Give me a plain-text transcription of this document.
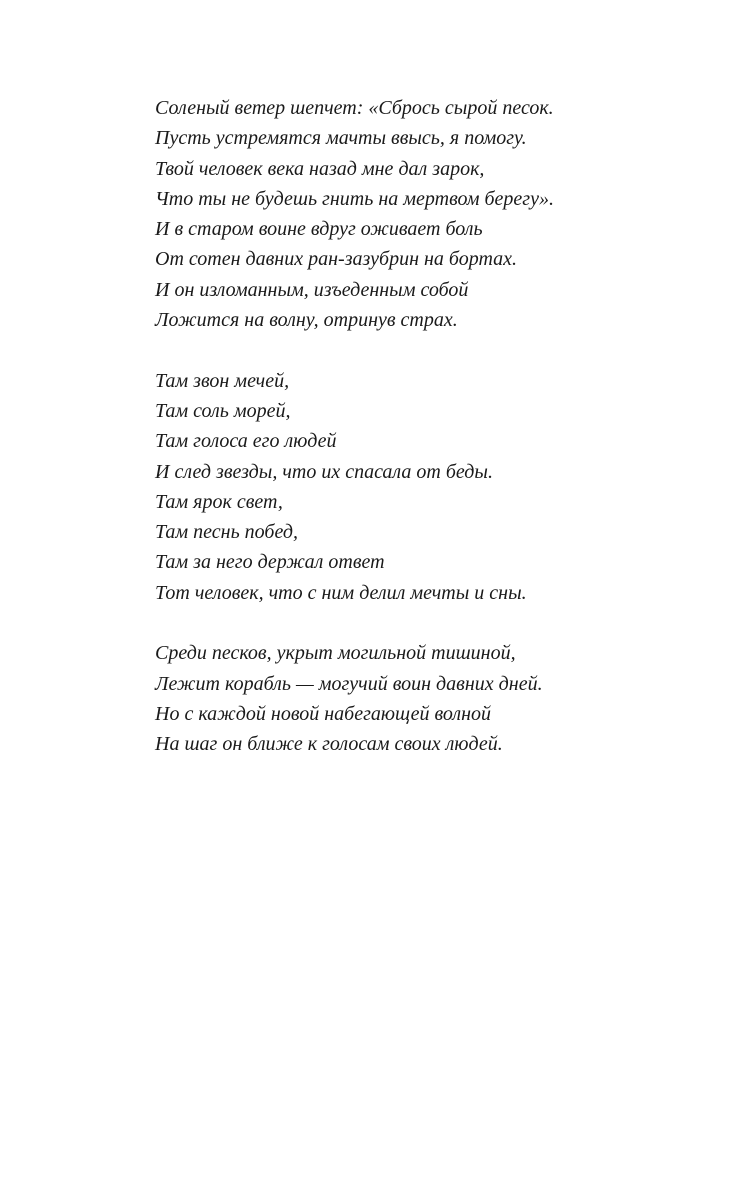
Соленый ветер шепчет: «Сбрось сырой песок.
Пусть устремятся мачты ввысь, я помогу.
Твой человек века назад мне дал зарок,
Что ты не будешь гнить на мертвом берегу».
И в старом воине вдруг оживает боль
От сотен давних ран-зазубрин на бортах.
И он изломанным, изъеденным собой
Ложится на волну, отринув страх.
Там звон мечей,
Там соль морей,
Там голоса его людей
И след звезды, что их спасала от беды.
Там ярок свет,
Там песнь побед,
Там за него держал ответ
Тот человек, что с ним делил мечты и сны.
Среди песков, укрыт могильной тишиной,
Лежит корабль — могучий воин давних дней.
Но с каждой новой набегающей волной
На шаг он ближе к голосам своих людей.
